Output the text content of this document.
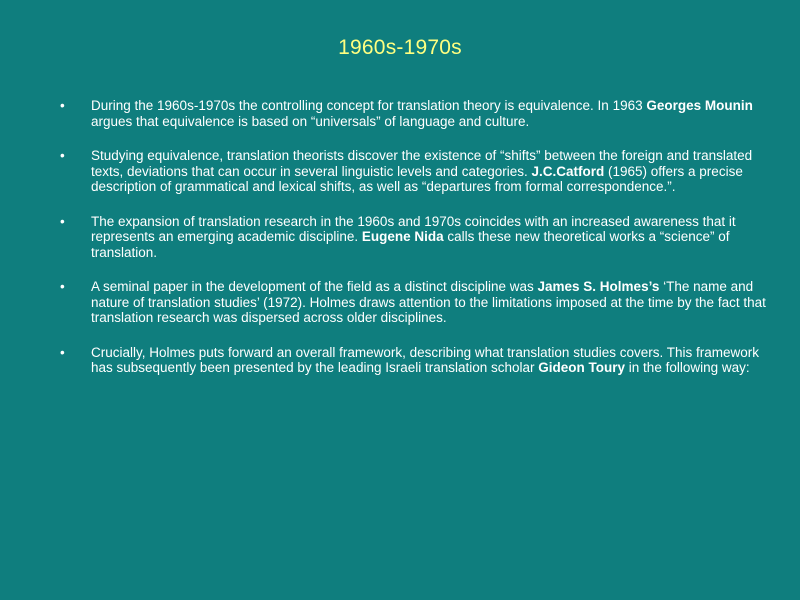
1960s-1970s
• During the 1960s-1970s the controlling concept for translation theory is equivalence. In 1963 Georges Mounin argues that equivalence is based on “universals” of language and culture.
• Studying equivalence, translation theorists discover the existence of “shifts” between the foreign and translated texts, deviations that can occur in several linguistic levels and categories. J.C.Catford (1965) offers a precise description of grammatical and lexical shifts, as well as “departures from formal correspondence.”.
• The expansion of translation research in the 1960s and 1970s coincides with an increased awareness that it represents an emerging academic discipline. Eugene Nida calls these new theoretical works a “science” of translation.
• A seminal paper in the development of the field as a distinct discipline was James S. Holmes’s ‘The name and nature of translation studies’ (1972). Holmes draws attention to the limitations imposed at the time by the fact that translation research was dispersed across older disciplines.
• Crucially, Holmes puts forward an overall framework, describing what translation studies covers. This framework has subsequently been presented by the leading Israeli translation scholar Gideon Toury in the following way:
